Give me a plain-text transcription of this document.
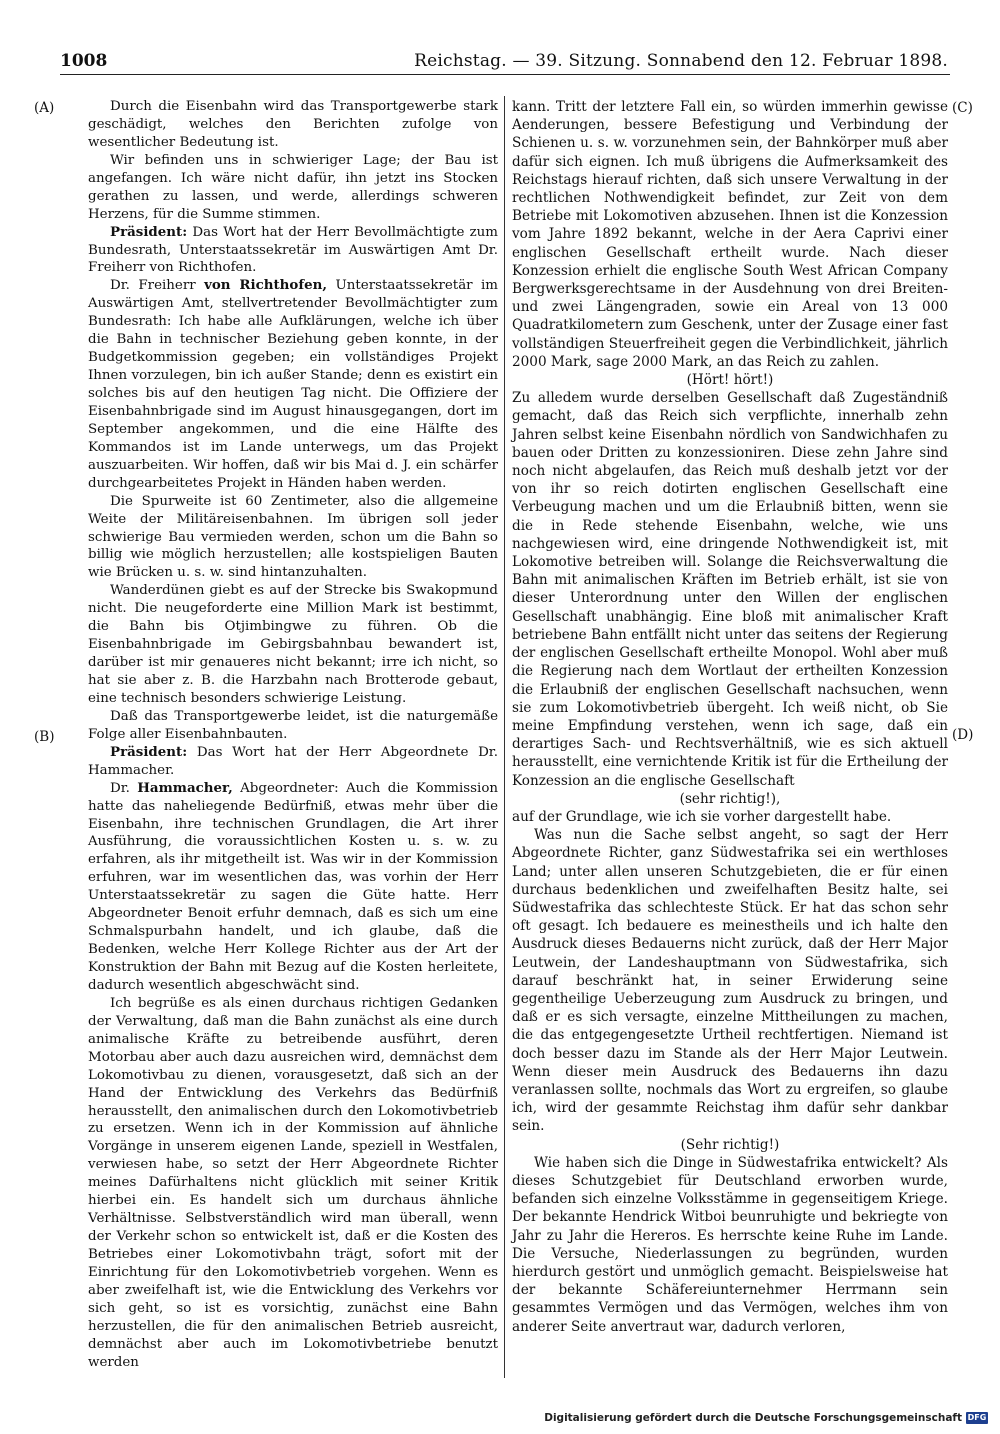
1008	Reichstag. — 39. Sitzung. Sonnabend den 12. Februar 1898.
(A)
(B)
(C)
(D)

Durch die Eisenbahn wird das Transportgewerbe stark geschädigt, welches den Berichten zufolge von wesentlicher Bedeutung ist.

Wir befinden uns in schwieriger Lage; der Bau ist angefangen. Ich wäre nicht dafür, ihn jetzt ins Stocken gerathen zu lassen, und werde, allerdings schweren Herzens, für die Summe stimmen.

Präsident: Das Wort hat der Herr Bevollmächtigte zum Bundesrath, Unterstaatssekretär im Auswärtigen Amt Dr. Freiherr von Richthofen.

Dr. Freiherr von Richthofen, Unterstaatssekretär im Auswärtigen Amt, stellvertretender Bevollmächtigter zum Bundesrath: Ich habe alle Aufklärungen, welche ich über die Bahn in technischer Beziehung geben konnte, in der Budgetkommission gegeben; ein vollständiges Projekt Ihnen vorzulegen, bin ich außer Stande; denn es existirt ein solches bis auf den heutigen Tag nicht. Die Offiziere der Eisenbahnbrigade sind im August hinausgegangen, dort im September angekommen, und die eine Hälfte des Kommandos ist im Lande unterwegs, um das Projekt auszuarbeiten. Wir hoffen, daß wir bis Mai d. J. ein schärfer durchgearbeitetes Projekt in Händen haben werden.

Die Spurweite ist 60 Zentimeter, also die allgemeine Weite der Militäreisenbahnen. Im übrigen soll jeder schwierige Bau vermieden werden, schon um die Bahn so billig wie möglich herzustellen; alle kostspieligen Bauten wie Brücken u. s. w. sind hintanzuhalten.

Wanderdünen giebt es auf der Strecke bis Swakopmund nicht. Die neugeforderte eine Million Mark ist bestimmt, die Bahn bis Otjimbingwe zu führen. Ob die Eisenbahnbrigade im Gebirgsbahnbau bewandert ist, darüber ist mir genaueres nicht bekannt; irre ich nicht, so hat sie aber z. B. die Harzbahn nach Brotterode gebaut, eine technisch besonders schwierige Leistung.

Daß das Transportgewerbe leidet, ist die naturgemäße Folge aller Eisenbahnbauten.

Präsident: Das Wort hat der Herr Abgeordnete Dr. Hammacher.

Dr. Hammacher, Abgeordneter: Auch die Kommission hatte das naheliegende Bedürfniß, etwas mehr über die Eisenbahn, ihre technischen Grundlagen, die Art ihrer Ausführung, die voraussichtlichen Kosten u. s. w. zu erfahren, als ihr mitgetheilt ist. Was wir in der Kommission erfuhren, war im wesentlichen das, was vorhin der Herr Unterstaatssekretär zu sagen die Güte hatte. Herr Abgeordneter Benoit erfuhr demnach, daß es sich um eine Schmalspurbahn handelt, und ich glaube, daß die Bedenken, welche Herr Kollege Richter aus der Art der Konstruktion der Bahn mit Bezug auf die Kosten herleitete, dadurch wesentlich abgeschwächt sind.

Ich begrüße es als einen durchaus richtigen Gedanken der Verwaltung, daß man die Bahn zunächst als eine durch animalische Kräfte zu betreibende ausführt, deren Motorbau aber auch dazu ausreichen wird, demnächst dem Lokomotivbau zu dienen, vorausgesetzt, daß sich an der Hand der Entwicklung des Verkehrs das Bedürfniß herausstellt, den animalischen durch den Lokomotivbetrieb zu ersetzen. Wenn ich in der Kommission auf ähnliche Vorgänge in unserem eigenen Lande, speziell in Westfalen, verwiesen habe, so setzt der Herr Abgeordnete Richter meines Dafürhaltens nicht glücklich mit seiner Kritik hierbei ein. Es handelt sich um durchaus ähnliche Verhältnisse. Selbstverständlich wird man überall, wenn der Verkehr schon so entwickelt ist, daß er die Kosten des Betriebes einer Lokomotivbahn trägt, sofort mit der Einrichtung für den Lokomotivbetrieb vorgehen. Wenn es aber zweifelhaft ist, wie die Entwicklung des Verkehrs vor sich geht, so ist es vorsichtig, zunächst eine Bahn herzustellen, die für den animalischen Betrieb ausreicht, demnächst aber auch im Lokomotivbetriebe benutzt werden

kann. Tritt der letztere Fall ein, so würden immerhin gewisse Aenderungen, bessere Befestigung und Verbindung der Schienen u. s. w. vorzunehmen sein, der Bahnkörper muß aber dafür sich eignen. Ich muß übrigens die Aufmerksamkeit des Reichstags hierauf richten, daß sich unsere Verwaltung in der rechtlichen Nothwendigkeit befindet, zur Zeit von dem Betriebe mit Lokomotiven abzusehen. Ihnen ist die Konzession vom Jahre 1892 bekannt, welche in der Aera Caprivi einer englischen Gesellschaft ertheilt wurde. Nach dieser Konzession erhielt die englische South West African Company Bergwerksgerechtsame in der Ausdehnung von drei Breiten- und zwei Längengraden, sowie ein Areal von 13 000 Quadratkilometern zum Geschenk, unter der Zusage einer fast vollständigen Steuerfreiheit gegen die Verbindlichkeit, jährlich 2000 Mark, sage 2000 Mark, an das Reich zu zahlen.

(Hört! hört!)

Zu alledem wurde derselben Gesellschaft daß Zugeständniß gemacht, daß das Reich sich verpflichte, innerhalb zehn Jahren selbst keine Eisenbahn nördlich von Sandwichhafen zu bauen oder Dritten zu konzessioniren. Diese zehn Jahre sind noch nicht abgelaufen, das Reich muß deshalb jetzt vor der von ihr so reich dotirten englischen Gesellschaft eine Verbeugung machen und um die Erlaubniß bitten, wenn sie die in Rede stehende Eisenbahn, welche, wie uns nachgewiesen wird, eine dringende Nothwendigkeit ist, mit Lokomotive betreiben will. Solange die Reichsverwaltung die Bahn mit animalischen Kräften im Betrieb erhält, ist sie von dieser Unterordnung unter den Willen der englischen Gesellschaft unabhängig. Eine bloß mit animalischer Kraft betriebene Bahn entfällt nicht unter das seitens der Regierung der englischen Gesellschaft ertheilte Monopol. Wohl aber muß die Regierung nach dem Wortlaut der ertheilten Konzession die Erlaubniß der englischen Gesellschaft nachsuchen, wenn sie zum Lokomotivbetrieb übergeht. Ich weiß nicht, ob Sie meine Empfindung verstehen, wenn ich sage, daß ein derartiges Sach- und Rechtsverhältniß, wie es sich aktuell herausstellt, eine vernichtende Kritik ist für die Ertheilung der Konzession an die englische Gesellschaft

(sehr richtig!),

auf der Grundlage, wie ich sie vorher dargestellt habe.

Was nun die Sache selbst angeht, so sagt der Herr Abgeordnete Richter, ganz Südwestafrika sei ein werthloses Land; unter allen unseren Schutzgebieten, die er für einen durchaus bedenklichen und zweifelhaften Besitz halte, sei Südwestafrika das schlechteste Stück. Er hat das schon sehr oft gesagt. Ich bedauere es meinestheils und ich halte den Ausdruck dieses Bedauerns nicht zurück, daß der Herr Major Leutwein, der Landeshauptmann von Südwestafrika, sich darauf beschränkt hat, in seiner Erwiderung seine gegentheilige Ueberzeugung zum Ausdruck zu bringen, und daß er es sich versagte, einzelne Mittheilungen zu machen, die das entgegengesetzte Urtheil rechtfertigen. Niemand ist doch besser dazu im Stande als der Herr Major Leutwein. Wenn dieser mein Ausdruck des Bedauerns ihn dazu veranlassen sollte, nochmals das Wort zu ergreifen, so glaube ich, wird der gesammte Reichstag ihm dafür sehr dankbar sein.

(Sehr richtig!)

Wie haben sich die Dinge in Südwestafrika entwickelt? Als dieses Schutzgebiet für Deutschland erworben wurde, befanden sich einzelne Volksstämme in gegenseitigem Kriege. Der bekannte Hendrick Witboi beunruhigte und bekriegte von Jahr zu Jahr die Hereros. Es herrschte keine Ruhe im Lande. Die Versuche, Niederlassungen zu begründen, wurden hierdurch gestört und unmöglich gemacht. Beispielsweise hat der bekannte Schäfereiunternehmer Herrmann sein gesammtes Vermögen und das Vermögen, welches ihm von anderer Seite anvertraut war, dadurch verloren,

Digitalisierung gefördert durch die Deutsche Forschungsgemeinschaft DFG
